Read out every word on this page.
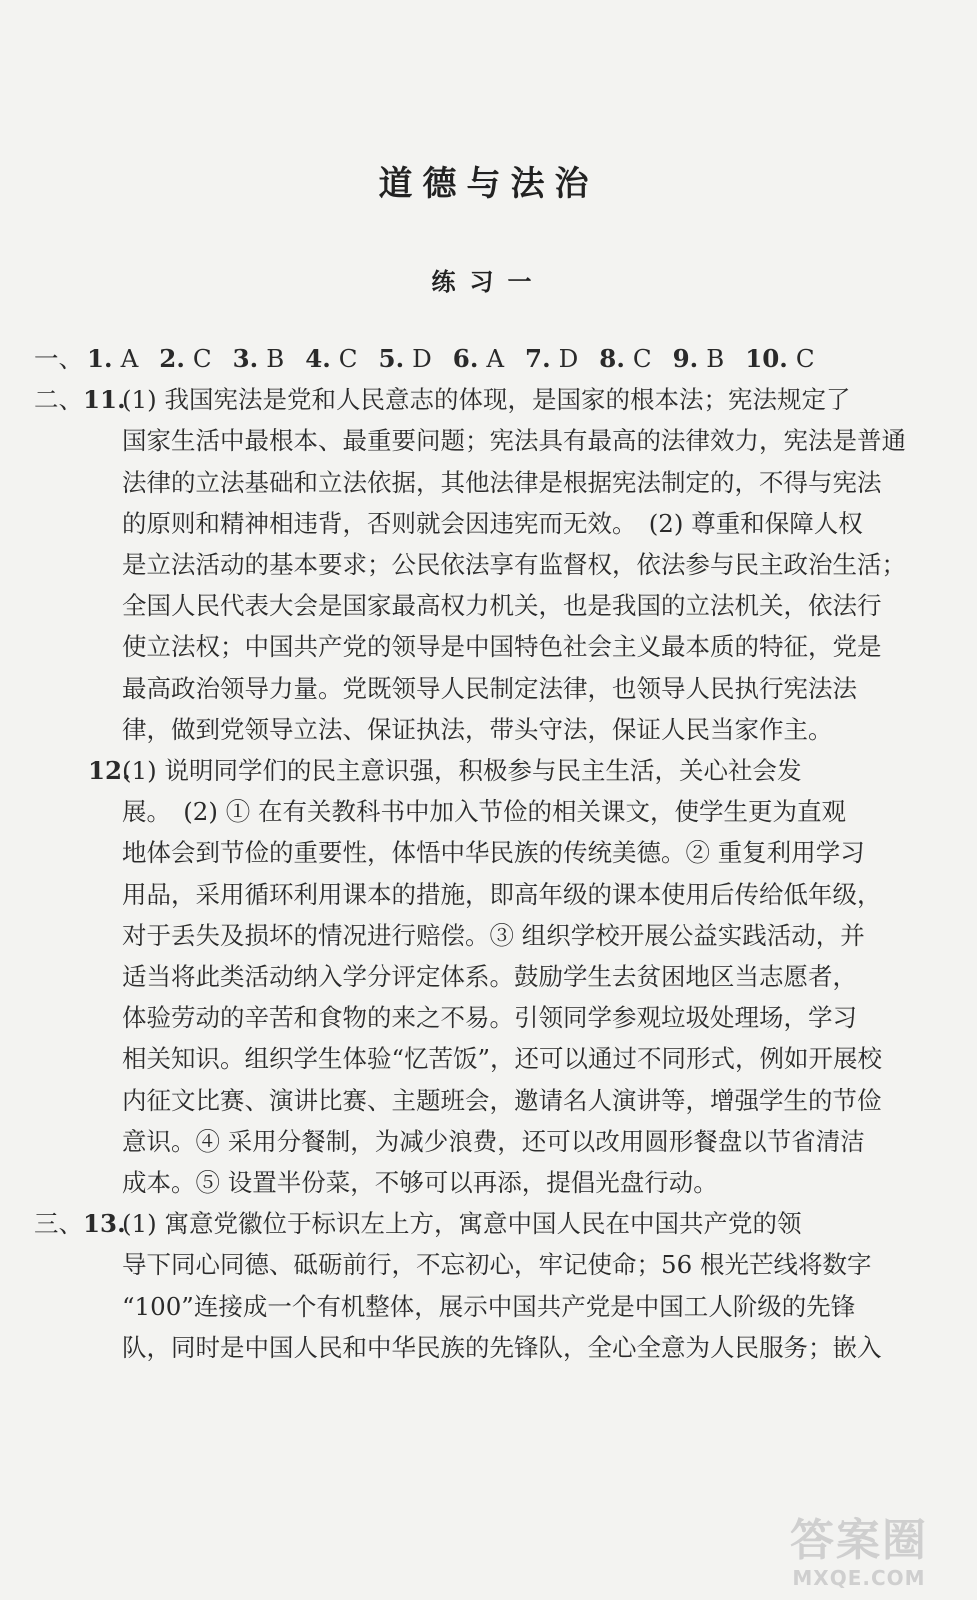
道德与法治
练习一
一、 1. A 2. C 3. B 4. C 5. D 6. A 7. D 8. C 9. B 10. C
二、11.
(1) 我国宪法是党和人民意志的体现，是国家的根本法；宪法规定了
国家生活中最根本、最重要问题；宪法具有最高的法律效力，宪法是普通
法律的立法基础和立法依据，其他法律是根据宪法制定的，不得与宪法
的原则和精神相违背，否则就会因违宪而无效。　(2) 尊重和保障人权
是立法活动的基本要求；公民依法享有监督权，依法参与民主政治生活；
全国人民代表大会是国家最高权力机关，也是我国的立法机关，依法行
使立法权；中国共产党的领导是中国特色社会主义最本质的特征，党是
最高政治领导力量。党既领导人民制定法律，也领导人民执行宪法法
律，做到党领导立法、保证执法，带头守法，保证人民当家作主。
12.
(1) 说明同学们的民主意识强，积极参与民主生活，关心社会发
展。　(2) ① 在有关教科书中加入节俭的相关课文，使学生更为直观
地体会到节俭的重要性，体悟中华民族的传统美德。② 重复利用学习
用品，采用循环利用课本的措施，即高年级的课本使用后传给低年级，
对于丢失及损坏的情况进行赔偿。③ 组织学校开展公益实践活动，并
适当将此类活动纳入学分评定体系。鼓励学生去贫困地区当志愿者，
体验劳动的辛苦和食物的来之不易。引领同学参观垃圾处理场，学习
相关知识。组织学生体验“忆苦饭”，还可以通过不同形式，例如开展校
内征文比赛、演讲比赛、主题班会，邀请名人演讲等，增强学生的节俭
意识。④ 采用分餐制，为减少浪费，还可以改用圆形餐盘以节省清洁
成本。⑤ 设置半份菜，不够可以再添，提倡光盘行动。
三、13.
(1) 寓意党徽位于标识左上方，寓意中国人民在中国共产党的领
导下同心同德、砥砺前行，不忘初心，牢记使命；56 根光芒线将数字
“100”连接成一个有机整体，展示中国共产党是中国工人阶级的先锋
队，同时是中国人民和中华民族的先锋队，全心全意为人民服务；嵌入
答案圈
MXQE.COM
